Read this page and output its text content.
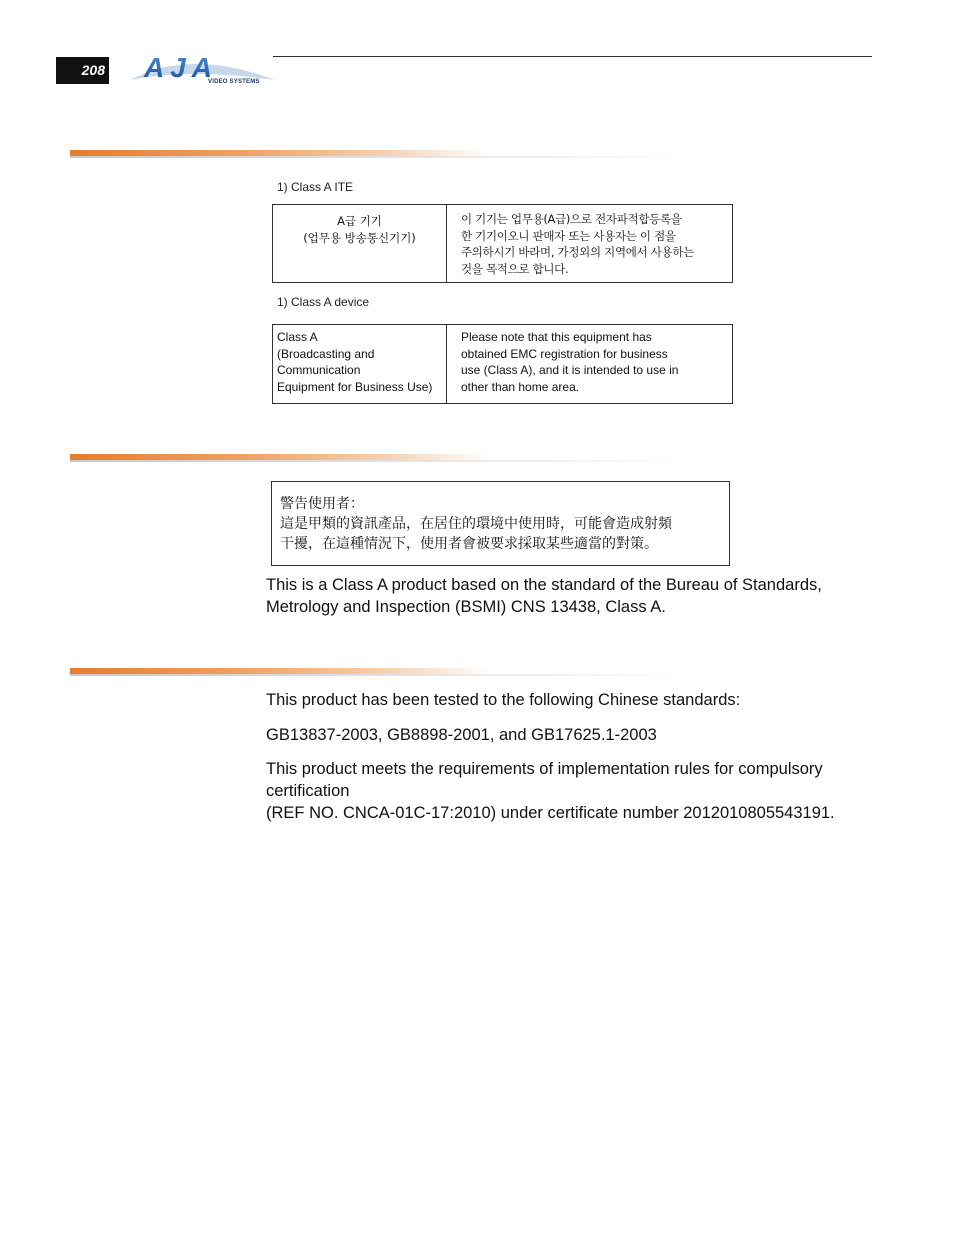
208 AJA
VIDEO SYSTEMS
1) Class A ITE
A급 기기
(업무용 방송통신기기)
이 기기는 업무용(A급)으로 전자파적합등록을
한 기기이오니 판매자 또는 사용자는 이 점을
주의하시기 바라며, 가정외의 지역에서 사용하는
것을 목적으로 합니다.
1) Class A device
Class A
(Broadcasting and
Communication
Equipment for Business Use)
Please note that this equipment has
obtained EMC registration for business
use (Class A), and it is intended to use in
other than home area.
警告使用者：
這是甲類的資訊產品，在居住的環境中使用時，可能會造成射頻
干擾，在這種情況下，使用者會被要求採取某些適當的對策。
This is a Class A product based on the standard of the Bureau of Standards,
Metrology and Inspection (BSMI) CNS 13438, Class A.
This product has been tested to the following Chinese standards:
GB13837-2003, GB8898-2001, and GB17625.1-2003
This product meets the requirements of implementation rules for compulsory
certification
(REF NO. CNCA-01C-17:2010) under certificate number 2012010805543191.
